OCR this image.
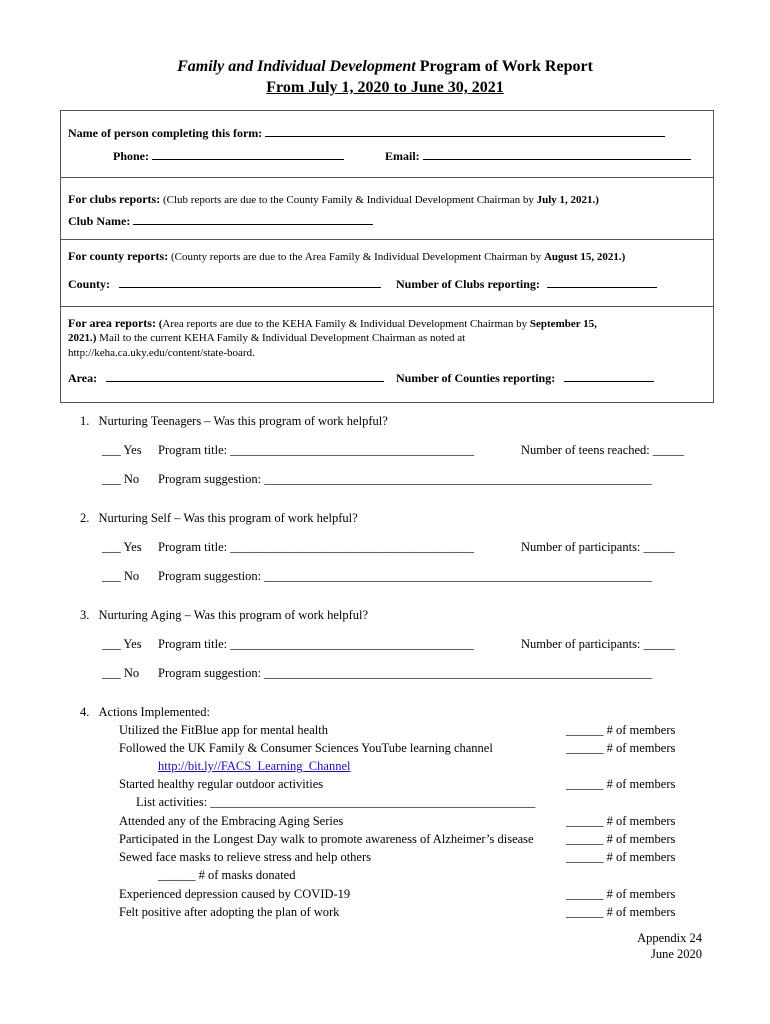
Family and Individual Development Program of Work Report
From July 1, 2020 to June 30, 2021
Name of person completing this form:
Phone:	Email:
For clubs reports: (Club reports are due to the County Family & Individual Development Chairman by July 1, 2021.)
Club Name:
For county reports: (County reports are due to the Area Family & Individual Development Chairman by August 15, 2021.)
County:	Number of Clubs reporting:
For area reports: (Area reports are due to the KEHA Family & Individual Development Chairman by September 15,
2021.) Mail to the current KEHA Family & Individual Development Chairman as noted at
http://keha.ca.uky.edu/content/state-board.
Area:	Number of Counties reporting:
1. Nurturing Teenagers – Was this program of work helpful?
___ Yes Program title: _______________________________________	Number of teens reached: _____
___ No Program suggestion: ______________________________________________________________
2. Nurturing Self – Was this program of work helpful?
___ Yes Program title: _______________________________________	Number of participants: _____
___ No Program suggestion: ______________________________________________________________
3. Nurturing Aging – Was this program of work helpful?
___ Yes Program title: _______________________________________	Number of participants: _____
___ No Program suggestion: ______________________________________________________________
4. Actions Implemented:
Utilized the FitBlue app for mental health	______ # of members
Followed the UK Family & Consumer Sciences YouTube learning channel	______ # of members
http://bit.ly//FACS_Learning_Channel
Started healthy regular outdoor activities	______ # of members
List activities: ____________________________________________________
Attended any of the Embracing Aging Series	______ # of members
Participated in the Longest Day walk to promote awareness of Alzheimer’s disease	______ # of members
Sewed face masks to relieve stress and help others	______ # of members
______ # of masks donated
Experienced depression caused by COVID-19	______ # of members
Felt positive after adopting the plan of work	______ # of members
Appendix 24
June 2020
